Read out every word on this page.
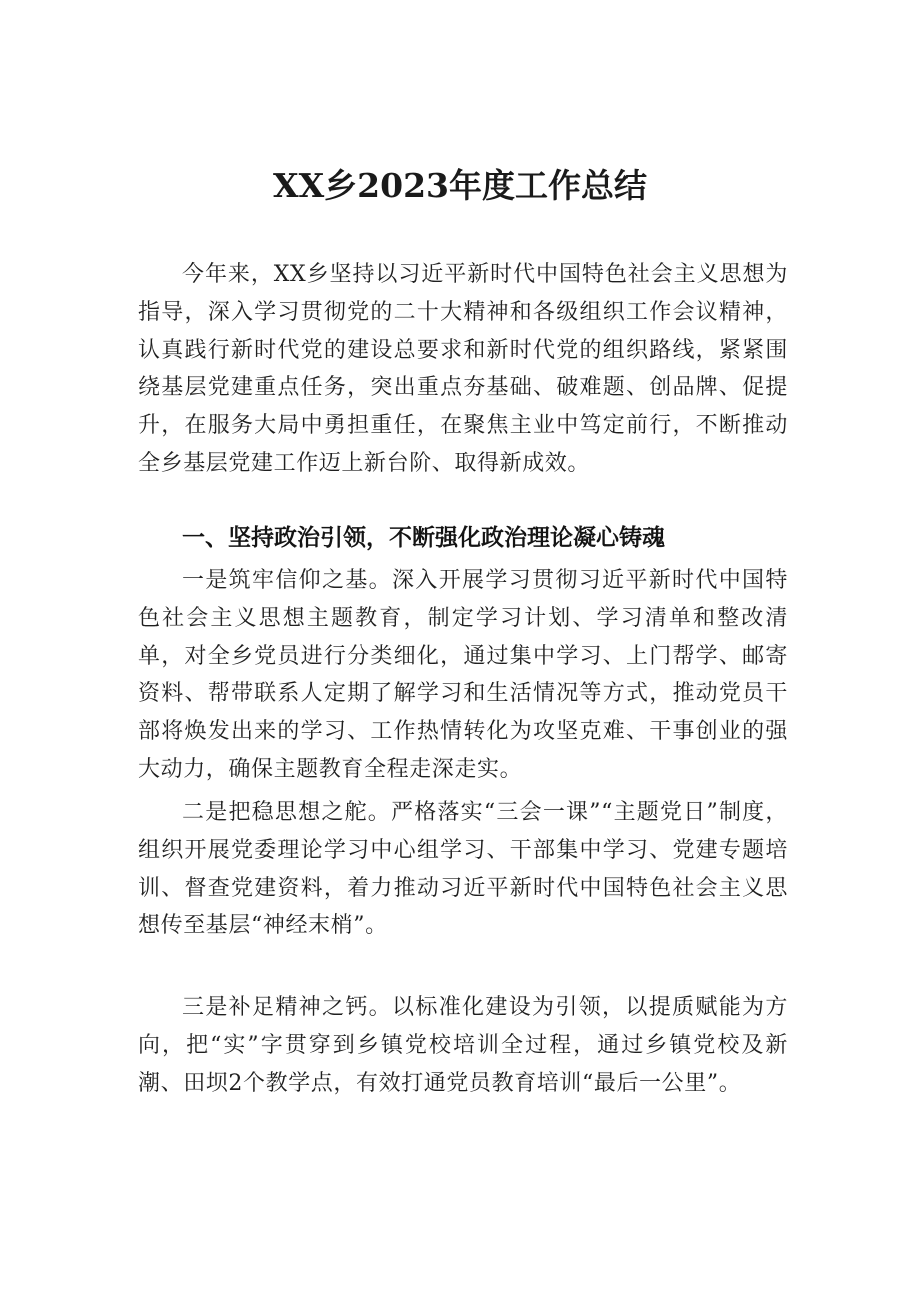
XX乡2023年度工作总结

今年来，XX乡坚持以习近平新时代中国特色社会主义思想为指导，深入学习贯彻党的二十大精神和各级组织工作会议精神，认真践行新时代党的建设总要求和新时代党的组织路线，紧紧围绕基层党建重点任务，突出重点夯基础、破难题、创品牌、促提升，在服务大局中勇担重任，在聚焦主业中笃定前行，不断推动全乡基层党建工作迈上新台阶、取得新成效。

一、坚持政治引领，不断强化政治理论凝心铸魂

一是筑牢信仰之基。深入开展学习贯彻习近平新时代中国特色社会主义思想主题教育，制定学习计划、学习清单和整改清单，对全乡党员进行分类细化，通过集中学习、上门帮学、邮寄资料、帮带联系人定期了解学习和生活情况等方式，推动党员干部将焕发出来的学习、工作热情转化为攻坚克难、干事创业的强大动力，确保主题教育全程走深走实。

二是把稳思想之舵。严格落实“三会一课”“主题党日”制度，组织开展党委理论学习中心组学习、干部集中学习、党建专题培训、督查党建资料，着力推动习近平新时代中国特色社会主义思想传至基层“神经末梢”。

三是补足精神之钙。以标准化建设为引领，以提质赋能为方向，把“实”字贯穿到乡镇党校培训全过程，通过乡镇党校及新潮、田坝2个教学点，有效打通党员教育培训“最后一公里”。
